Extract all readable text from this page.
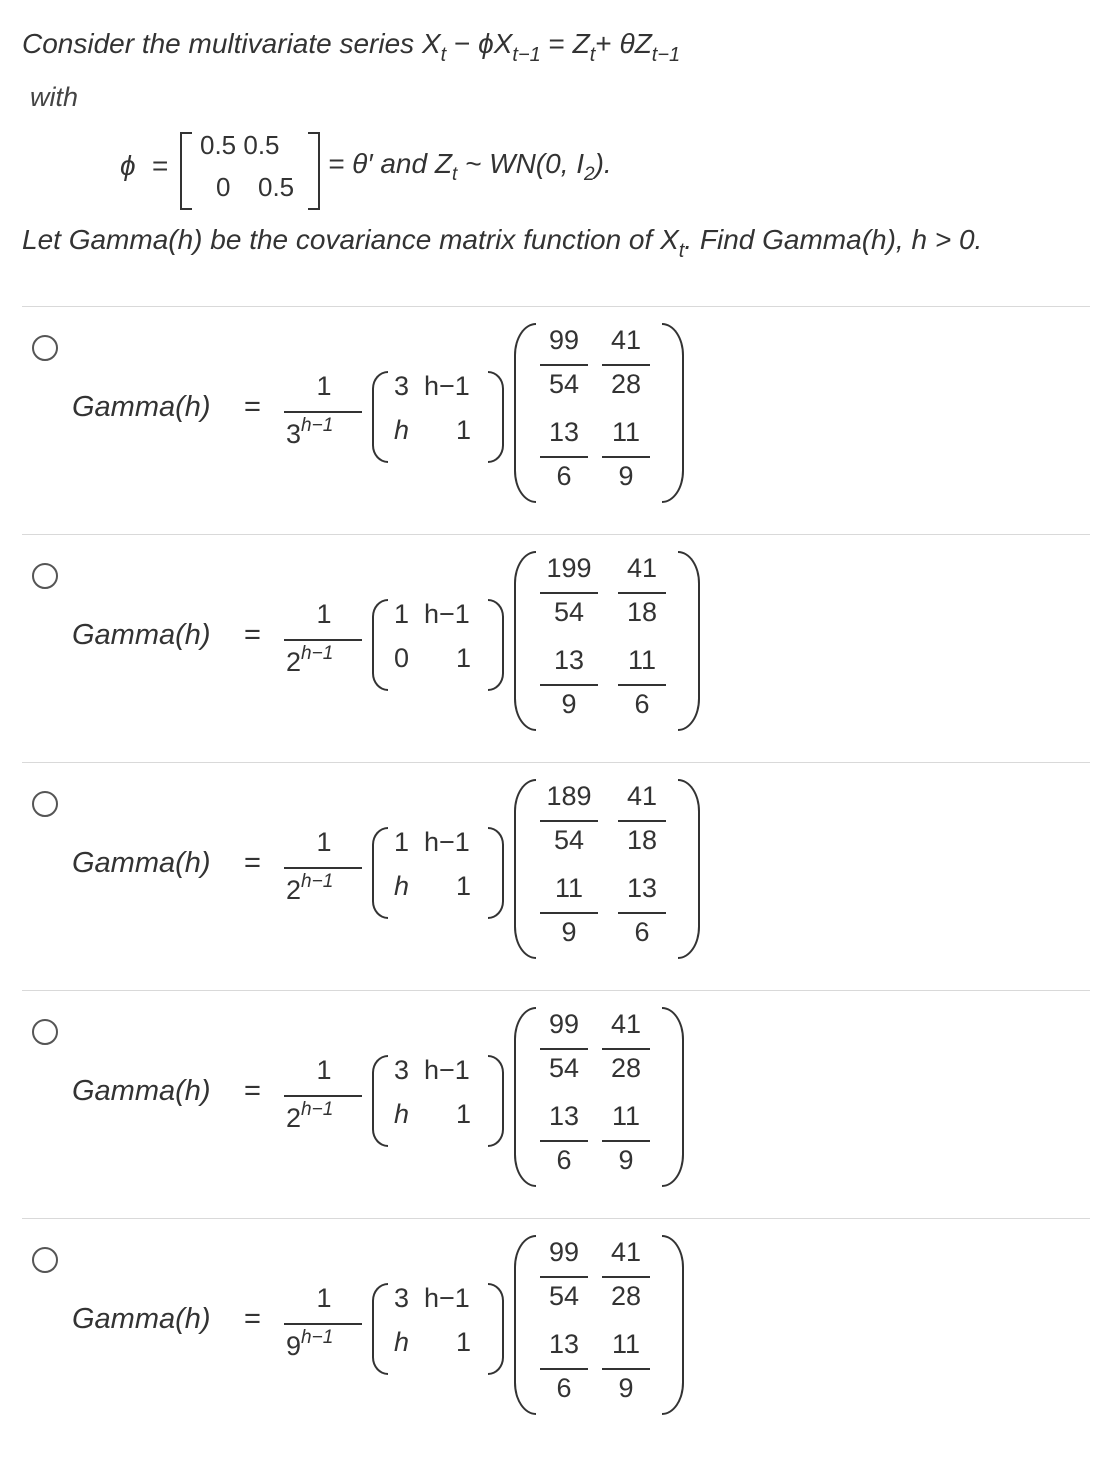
Consider the multivariate series $X_t - \phi X_{t-1} = Z_t+ \theta Z_{t-1}$
with
ϕ =
0.5 0.5
0 0.5
= θ′ and $Z_t$ ~ WN(0, $I_2$).
Let Gamma(h) be the covariance matrix function of $X_t$. Find Gamma(h), h > 0.
Gamma(h) =
1
$3^{h-1}$
3 h−1
h 1
99
54
41
28
13
6
11
9
Gamma(h) =
1
$2^{h-1}$
1 h−1
0 1
199
54
41
18
13
9
11
6
Gamma(h) =
1
$2^{h-1}$
1 h−1
h 1
189
54
41
18
11
9
13
6
Gamma(h) =
1
$2^{h-1}$
3 h−1
h 1
99
54
41
28
13
6
11
9
Gamma(h) =
1
$9^{h-1}$
3 h−1
h 1
99
54
41
28
13
6
11
9
